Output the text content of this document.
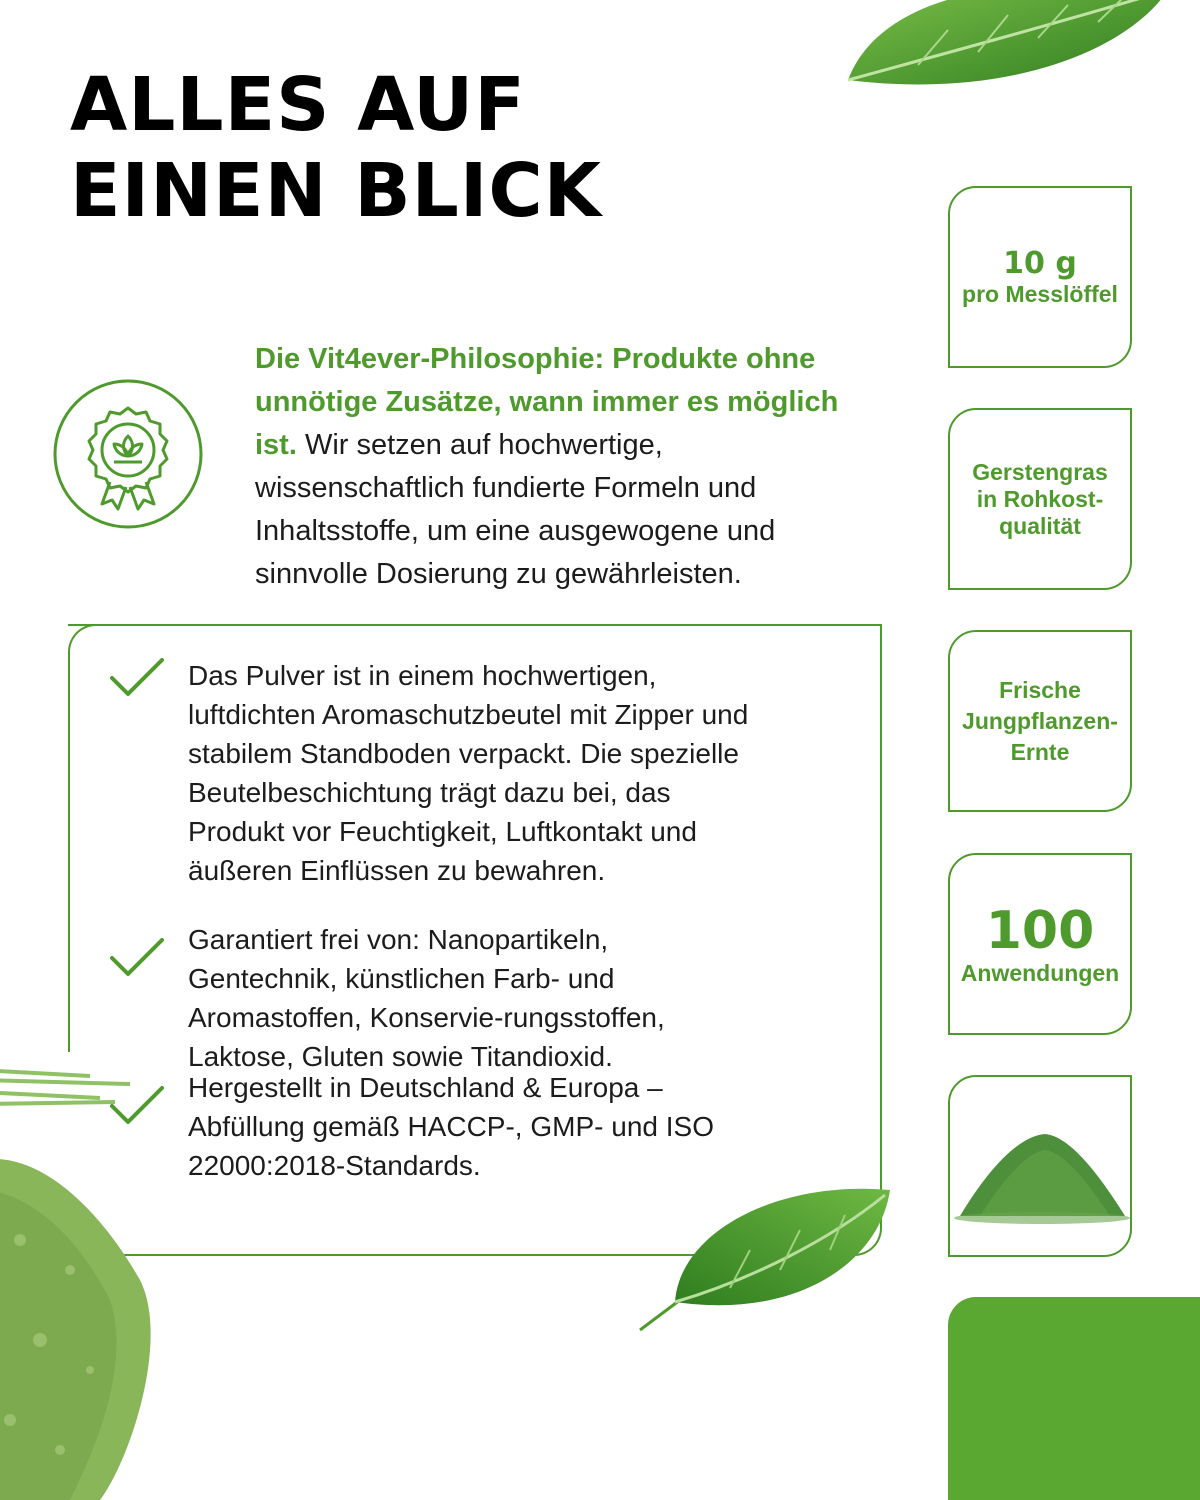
ALLES AUF
EINEN BLICK

Die Vit4ever-Philosophie: Produkte ohne unnötige Zusätze, wann immer es möglich ist. Wir setzen auf hochwertige, wissenschaftlich fundierte Formeln und Inhaltsstoffe, um eine ausgewogene und sinnvolle Dosierung zu gewährleisten.

Das Pulver ist in einem hochwertigen, luftdichten Aromaschutzbeutel mit Zipper und stabilem Standboden verpackt. Die spezielle Beutelbeschichtung trägt dazu bei, das Produkt vor Feuchtigkeit, Luftkontakt und äußeren Einflüssen zu bewahren.
Garantiert frei von: Nanopartikeln, Gentechnik, künstlichen Farb- und Aromastoffen, Konservie-rungsstoffen, Laktose, Gluten sowie Titandioxid.
Hergestellt in Deutschland & Europa – Abfüllung gemäß HACCP-, GMP- und ISO 22000:2018-Standards.
10 g
pro Messlöffel
Gerstengras
in Rohkost-
qualität
Frische
Jungpflanzen-
Ernte
100
Anwendungen
